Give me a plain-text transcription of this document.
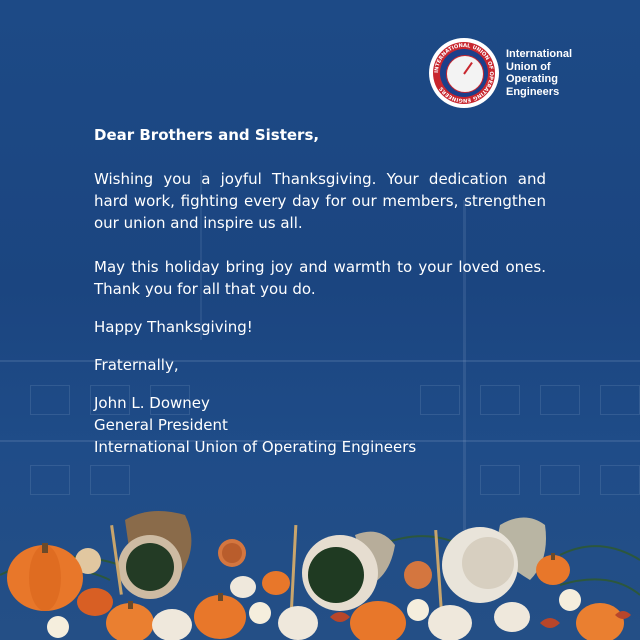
INTERNATIONAL UNION OF OPERATING ENGINEERS
International
Union of
Operating
Engineers

Dear Brothers and Sisters,

Wishing you a joyful Thanksgiving. Your dedication and hard work, fighting every day for our members, strengthen our union and inspire us all.

May this holiday bring joy and warmth to your loved ones. Thank you for all that you do.

Happy Thanksgiving!

Fraternally,

John L. Downey
General President
International Union of Operating Engineers
